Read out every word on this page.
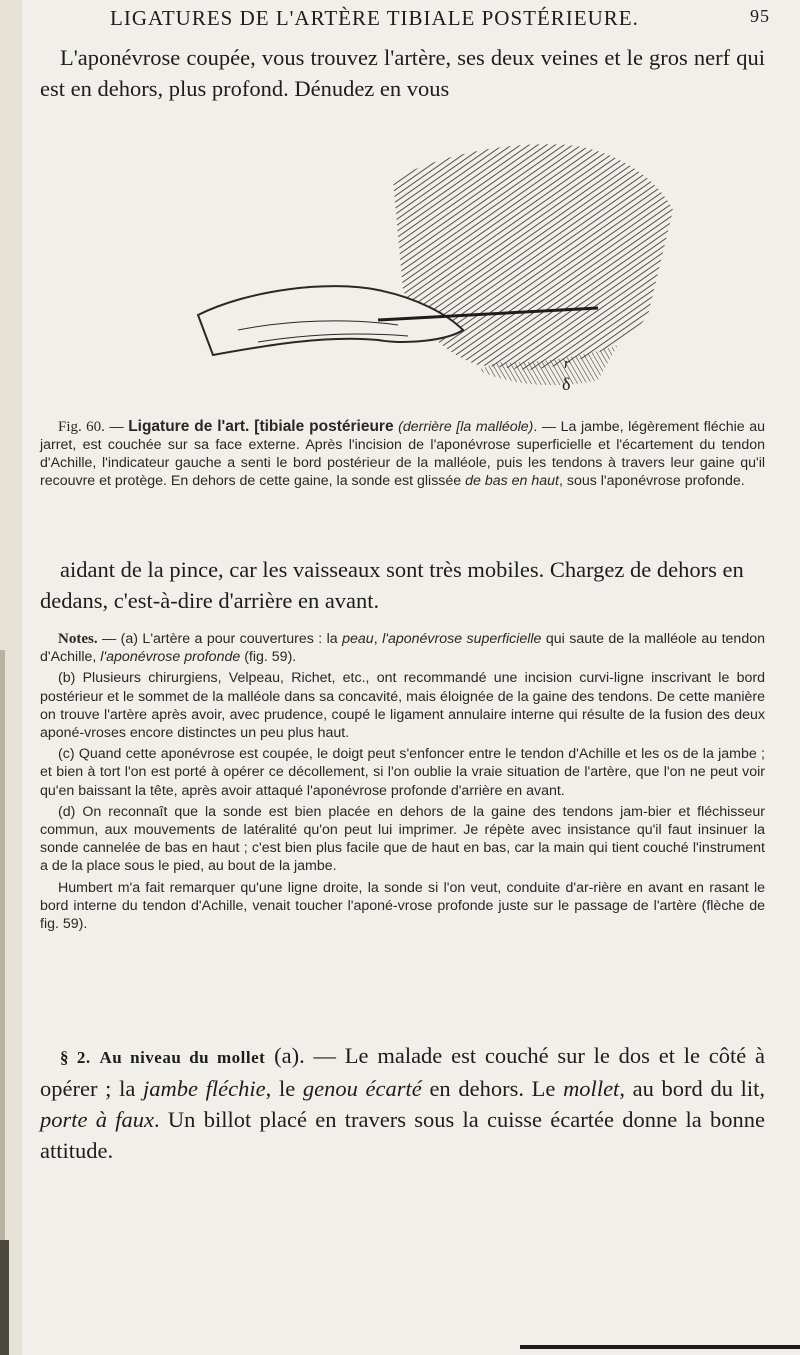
LIGATURES DE L'ARTÈRE TIBIALE POSTÉRIEURE.	95
L'aponévrose coupée, vous trouvez l'artère, ses deux veines et le gros nerf qui est en dehors, plus profond. Dénudez en vous
r
δ
Fig. 60. — Ligature de l'art. [tibiale postérieure (derrière [la malléole). — La jambe, légèrement fléchie au jarret, est couchée sur sa face externe. Après l'incision de l'aponévrose superficielle et l'écartement du tendon d'Achille, l'indicateur gauche a senti le bord postérieur de la malléole, puis les tendons à travers leur gaine qu'il recouvre et protège. En dehors de cette gaine, la sonde est glissée de bas en haut, sous l'aponévrose profonde.
aidant de la pince, car les vaisseaux sont très mobiles. Chargez de dehors en dedans, c'est-à-dire d'arrière en avant.

Notes. — (a) L'artère a pour couvertures : la peau, l'aponévrose superficielle qui saute de la malléole au tendon d'Achille, l'aponévrose profonde (fig. 59).

(b) Plusieurs chirurgiens, Velpeau, Richet, etc., ont recommandé une incision curvi-ligne inscrivant le bord postérieur et le sommet de la malléole dans sa concavité, mais éloignée de la gaine des tendons. De cette manière on trouve l'artère après avoir, avec prudence, coupé le ligament annulaire interne qui résulte de la fusion des deux aponé-vroses encore distinctes un peu plus haut.

(c) Quand cette aponévrose est coupée, le doigt peut s'enfoncer entre le tendon d'Achille et les os de la jambe ; et bien à tort l'on est porté à opérer ce décollement, si l'on oublie la vraie situation de l'artère, que l'on ne peut voir qu'en baissant la tête, après avoir attaqué l'aponévrose profonde d'arrière en avant.

(d) On reconnaît que la sonde est bien placée en dehors de la gaine des tendons jam-bier et fléchisseur commun, aux mouvements de latéralité qu'on peut lui imprimer. Je répète avec insistance qu'il faut insinuer la sonde cannelée de bas en haut ; c'est bien plus facile que de haut en bas, car la main qui tient couché l'instrument a de la place sous le pied, au bout de la jambe.

Humbert m'a fait remarquer qu'une ligne droite, la sonde si l'on veut, conduite d'ar-rière en avant en rasant le bord interne du tendon d'Achille, venait toucher l'aponé-vrose profonde juste sur le passage de l'artère (flèche de fig. 59).

§ 2. Au niveau du mollet (a). — Le malade est couché sur le dos et le côté à opérer ; la jambe fléchie, le genou écarté en dehors. Le mollet, au bord du lit, porte à faux. Un billot placé en travers sous la cuisse écartée donne la bonne attitude.
